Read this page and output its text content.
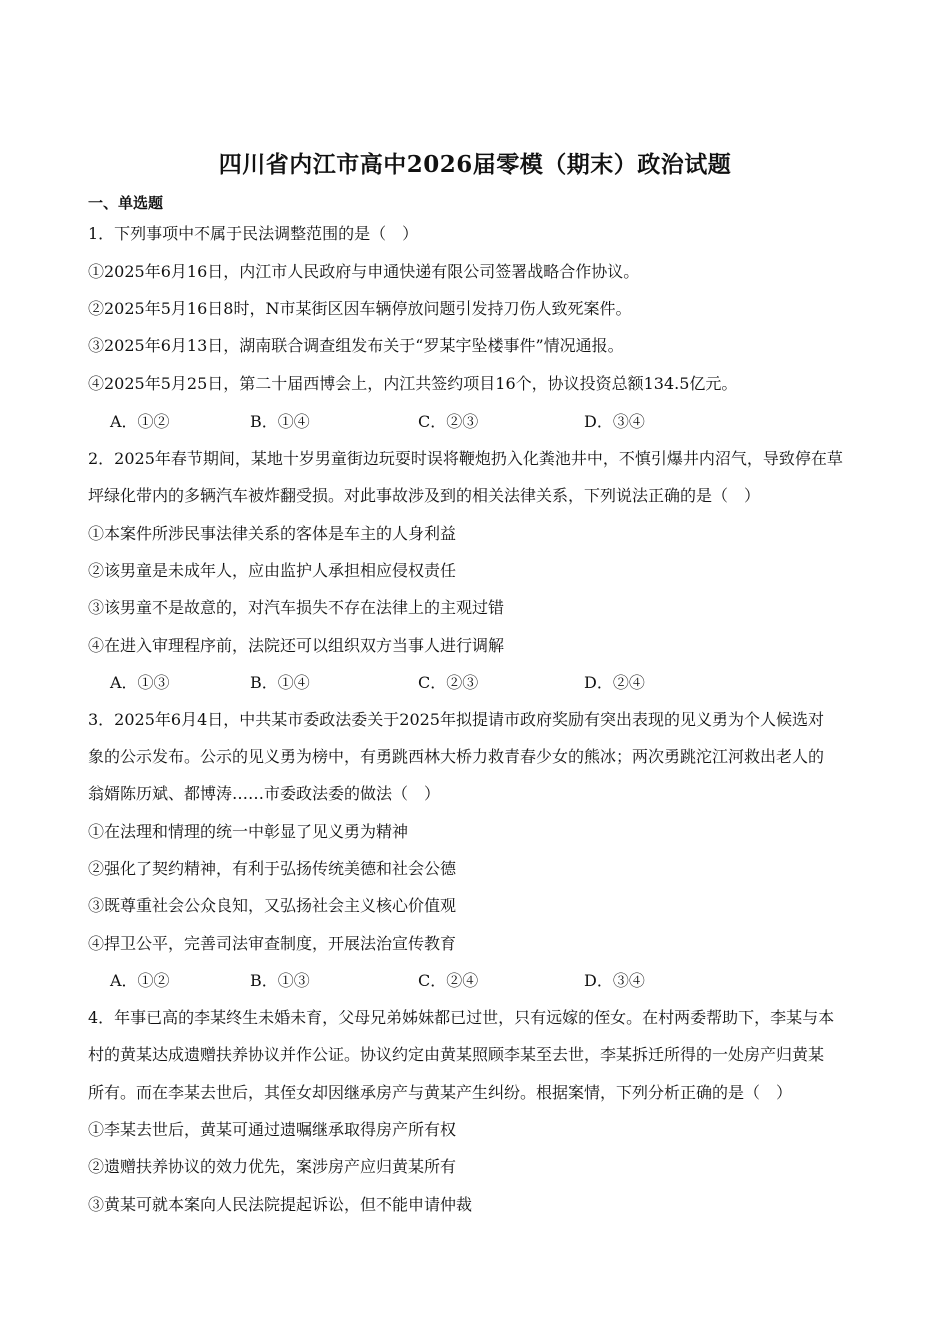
四川省内江市高中2026届零模（期末）政治试题
一、单选题
1．下列事项中不属于民法调整范围的是（　）
①2025年6月16日，内江市人民政府与申通快递有限公司签署战略合作协议。
②2025年5月16日8时，N市某街区因车辆停放问题引发持刀伤人致死案件。
③2025年6月13日，湖南联合调查组发布关于“罗某宇坠楼事件”情况通报。
④2025年5月25日，第二十届西博会上，内江共签约项目16个，协议投资总额134.5亿元。
A．①②	B．①④	C．②③	D．③④
2．2025年春节期间，某地十岁男童街边玩耍时误将鞭炮扔入化粪池井中，不慎引爆井内沼气，导致停在草
坪绿化带内的多辆汽车被炸翻受损。对此事故涉及到的相关法律关系，下列说法正确的是（　）
①本案件所涉民事法律关系的客体是车主的人身利益
②该男童是未成年人，应由监护人承担相应侵权责任
③该男童不是故意的，对汽车损失不存在法律上的主观过错
④在进入审理程序前，法院还可以组织双方当事人进行调解
A．①③	B．①④	C．②③	D．②④
3．2025年6月4日，中共某市委政法委关于2025年拟提请市政府奖励有突出表现的见义勇为个人候选对
象的公示发布。公示的见义勇为榜中，有勇跳西林大桥力救青春少女的熊冰；两次勇跳沱江河救出老人的
翁婿陈历斌、都博涛……市委政法委的做法（　）
①在法理和情理的统一中彰显了见义勇为精神
②强化了契约精神，有利于弘扬传统美德和社会公德
③既尊重社会公众良知，又弘扬社会主义核心价值观
④捍卫公平，完善司法审查制度，开展法治宣传教育
A．①②	B．①③	C．②④	D．③④
4．年事已高的李某终生未婚未育，父母兄弟姊妹都已过世，只有远嫁的侄女。在村两委帮助下，李某与本
村的黄某达成遗赠扶养协议并作公证。协议约定由黄某照顾李某至去世，李某拆迁所得的一处房产归黄某
所有。而在李某去世后，其侄女却因继承房产与黄某产生纠纷。根据案情，下列分析正确的是（　）
①李某去世后，黄某可通过遗嘱继承取得房产所有权
②遗赠扶养协议的效力优先，案涉房产应归黄某所有
③黄某可就本案向人民法院提起诉讼，但不能申请仲裁
